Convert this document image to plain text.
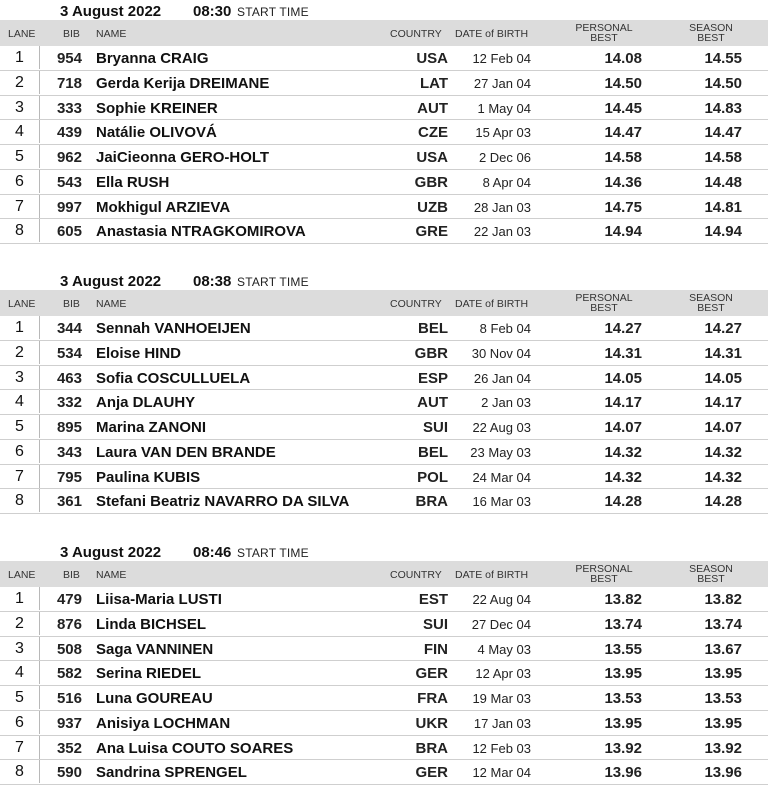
3 August 2022 08:30 START TIME
LANE	BIB NAME	COUNTRY DATE of BIRTH	PERSONAL
BEST
SEASON
BEST
1	954 Bryanna CRAIG	USA	12 Feb 04	14.08	14.55
2	718 Gerda Kerija DREIMANE	LAT	27 Jan 04	14.50	14.50
3	333 Sophie KREINER	AUT	1 May 04	14.45	14.83
4	439 Natálie OLIVOVÁ	CZE	15 Apr 03	14.47	14.47
5	962 JaiCieonna GERO-HOLT	USA	2 Dec 06	14.58	14.58
6	543 Ella RUSH	GBR	8 Apr 04	14.36	14.48
7	997 Mokhigul ARZIEVA	UZB	28 Jan 03	14.75	14.81
8	605 Anastasia NTRAGKOMIROVA	GRE	22 Jan 03	14.94	14.94
3 August 2022 08:38 START TIME
LANE	BIB NAME	COUNTRY DATE of BIRTH	PERSONAL
BEST
SEASON
BEST
1	344 Sennah VANHOEIJEN	BEL	8 Feb 04	14.27	14.27
2	534 Eloise HIND	GBR	30 Nov 04	14.31	14.31
3	463 Sofia COSCULLUELA	ESP	26 Jan 04	14.05	14.05
4	332 Anja DLAUHY	AUT	2 Jan 03	14.17	14.17
5	895 Marina ZANONI	SUI	22 Aug 03	14.07	14.07
6	343 Laura VAN DEN BRANDE	BEL	23 May 03	14.32	14.32
7	795 Paulina KUBIS	POL	24 Mar 04	14.32	14.32
8	361 Stefani Beatriz NAVARRO DA SILVA	BRA	16 Mar 03	14.28	14.28
3 August 2022 08:46 START TIME
LANE	BIB NAME	COUNTRY DATE of BIRTH	PERSONAL
BEST
SEASON
BEST
1	479 Liisa-Maria LUSTI	EST	22 Aug 04	13.82	13.82
2	876 Linda BICHSEL	SUI	27 Dec 04	13.74	13.74
3	508 Saga VANNINEN	FIN	4 May 03	13.55	13.67
4	582 Serina RIEDEL	GER	12 Apr 03	13.95	13.95
5	516 Luna GOUREAU	FRA	19 Mar 03	13.53	13.53
6	937 Anisiya LOCHMAN	UKR	17 Jan 03	13.95	13.95
7	352 Ana Luisa COUTO SOARES	BRA	12 Feb 03	13.92	13.92
8	590 Sandrina SPRENGEL	GER	12 Mar 04	13.96	13.96
